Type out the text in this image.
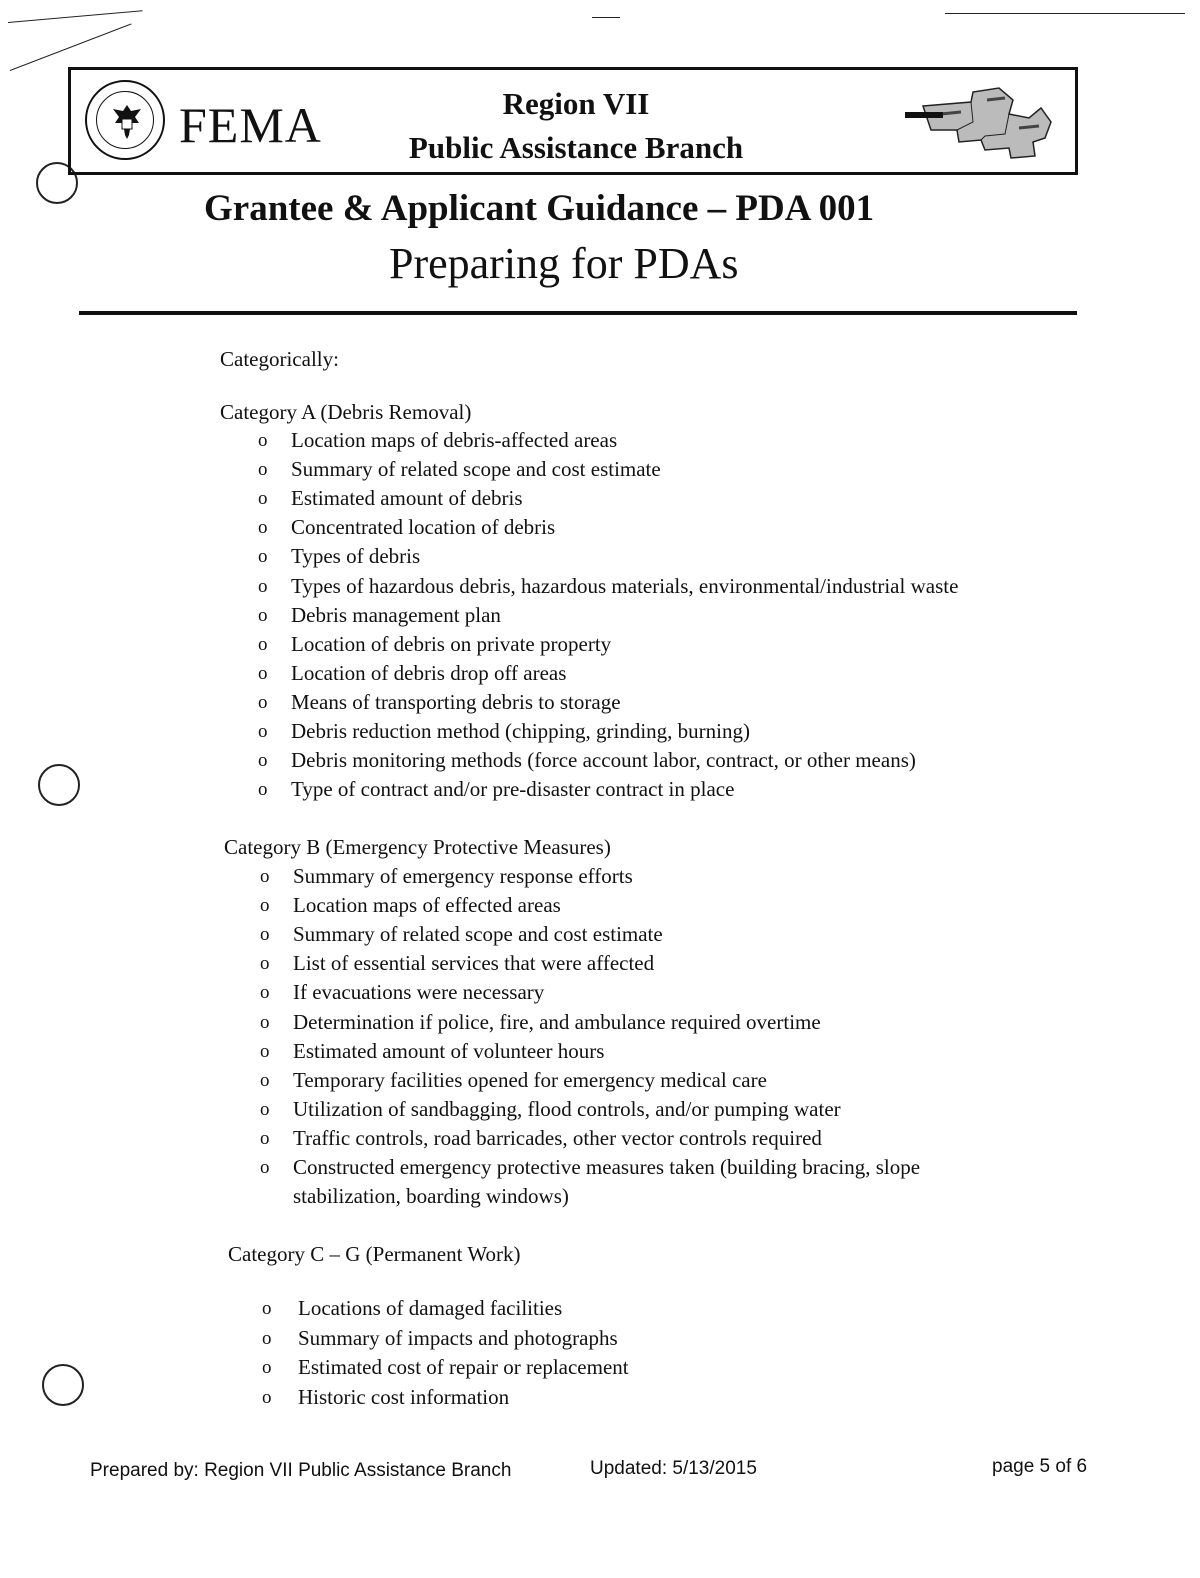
FEMA	Region VII
Public Assistance Branch
Grantee & Applicant Guidance – PDA 001
Preparing for PDAs
Categorically:
Category A (Debris Removal)
o Location maps of debris-affected areas
o Summary of related scope and cost estimate
o Estimated amount of debris
o Concentrated location of debris
o Types of debris
o Types of hazardous debris, hazardous materials, environmental/industrial waste
o Debris management plan
o Location of debris on private property
o Location of debris drop off areas
o Means of transporting debris to storage
o Debris reduction method (chipping, grinding, burning)
o Debris monitoring methods (force account labor, contract, or other means)
o Type of contract and/or pre-disaster contract in place
Category B (Emergency Protective Measures)
o Summary of emergency response efforts
o Location maps of effected areas
o Summary of related scope and cost estimate
o List of essential services that were affected
o If evacuations were necessary
o Determination if police, fire, and ambulance required overtime
o Estimated amount of volunteer hours
o Temporary facilities opened for emergency medical care
o Utilization of sandbagging, flood controls, and/or pumping water
o Traffic controls, road barricades, other vector controls required
o Constructed emergency protective measures taken (building bracing, slope
stabilization, boarding windows)
Category C – G (Permanent Work)
o Locations of damaged facilities
o Summary of impacts and photographs
o Estimated cost of repair or replacement
o Historic cost information
Prepared by: Region VII Public Assistance Branch	Updated: 5/13/2015	page 5 of 6
